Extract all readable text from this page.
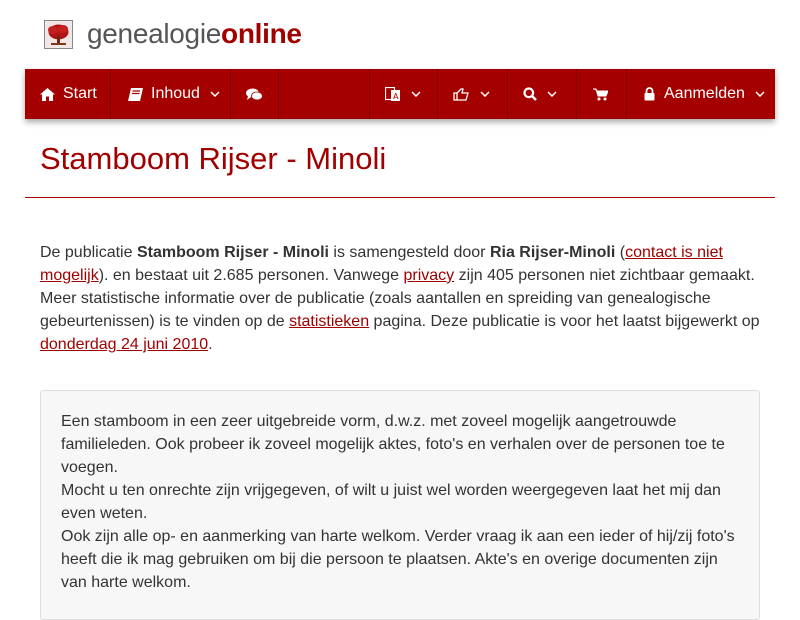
genealogieonline
Start	Inhoud	A	Aanmelden
Stamboom Rijser - Minoli
De publicatie Stamboom Rijser - Minoli is samengesteld door Ria Rijser-Minoli (contact is niet mogelijk). en bestaat uit 2.685 personen. Vanwege privacy zijn 405 personen niet zichtbaar gemaakt. Meer statistische informatie over de publicatie (zoals aantallen en spreiding van genealogische gebeurtenissen) is te vinden op de statistieken pagina. Deze publicatie is voor het laatst bijgewerkt op donderdag 24 juni 2010.
Een stamboom in een zeer uitgebreide vorm, d.w.z. met zoveel mogelijk aangetrouwde familieleden. Ook probeer ik zoveel mogelijk aktes, foto's en verhalen over de personen toe te voegen.
Mocht u ten onrechte zijn vrijgegeven, of wilt u juist wel worden weergegeven laat het mij dan even weten.
Ook zijn alle op- en aanmerking van harte welkom. Verder vraag ik aan een ieder of hij/zij foto's heeft die ik mag gebruiken om bij die persoon te plaatsen. Akte's en overige documenten zijn van harte welkom.
